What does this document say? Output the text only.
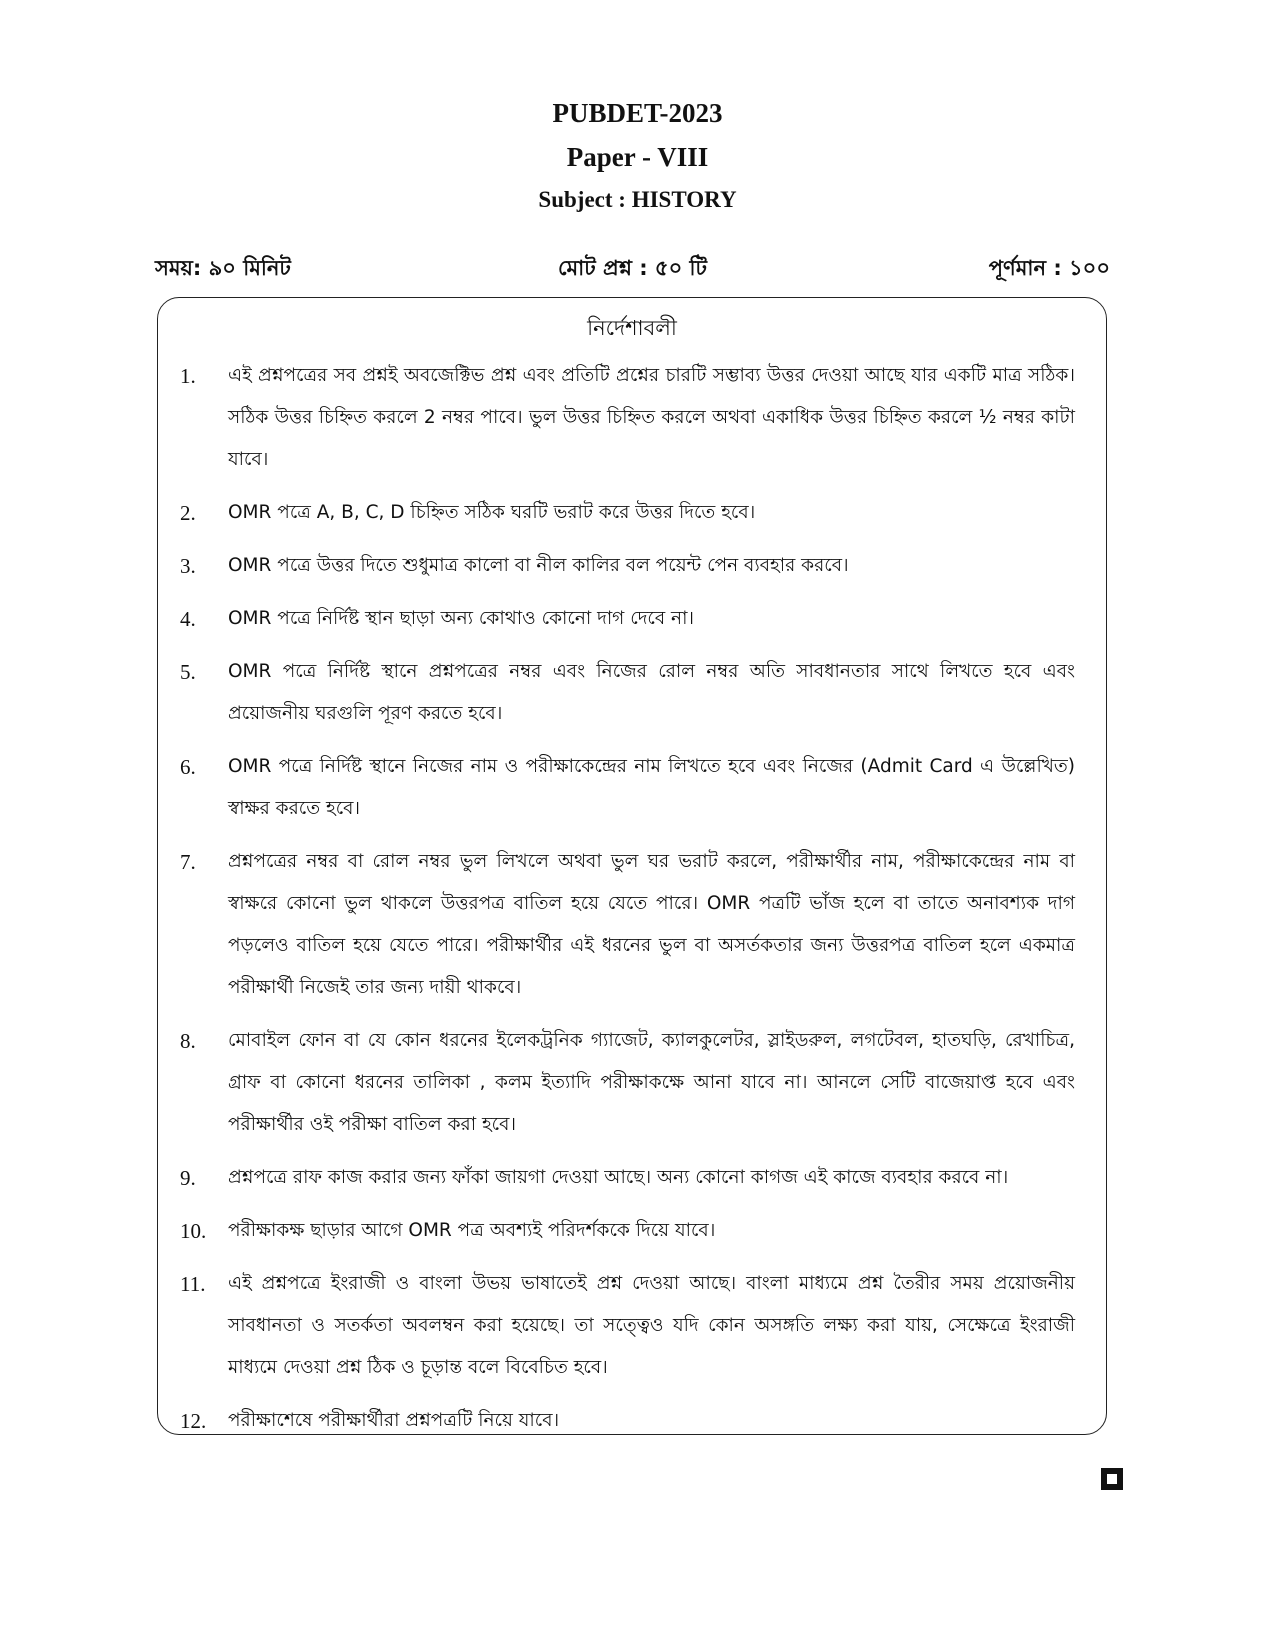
PUBDET-2023
Paper - VIII
Subject : HISTORY
সময়: ৯০ মিনিট	মোট প্রশ্ন : ৫০ টি	পূর্ণমান : ১০০
নির্দেশাবলী
1. এই প্রশ্নপত্রের সব প্রশ্নই অবজেক্টিভ প্রশ্ন এবং প্রতিটি প্রশ্নের চারটি সম্ভাব্য উত্তর দেওয়া আছে যার একটি মাত্র সঠিক। সঠিক উত্তর চিহ্নিত করলে 2 নম্বর পাবে। ভুল উত্তর চিহ্নিত করলে অথবা একাধিক উত্তর চিহ্নিত করলে ½ নম্বর কাটা যাবে।
2. OMR পত্রে A, B, C, D চিহ্নিত সঠিক ঘরটি ভরাট করে উত্তর দিতে হবে।
3. OMR পত্রে উত্তর দিতে শুধুমাত্র কালো বা নীল কালির বল পয়েন্ট পেন ব্যবহার করবে।
4. OMR পত্রে নির্দিষ্ট স্থান ছাড়া অন্য কোথাও কোনো দাগ দেবে না।
5. OMR পত্রে নির্দিষ্ট স্থানে প্রশ্নপত্রের নম্বর এবং নিজের রোল নম্বর অতি সাবধানতার সাথে লিখতে হবে এবং প্রয়োজনীয় ঘরগুলি পূরণ করতে হবে।
6. OMR পত্রে নির্দিষ্ট স্থানে নিজের নাম ও পরীক্ষাকেন্দ্রের নাম লিখতে হবে এবং নিজের (Admit Card এ উল্লেখিত) স্বাক্ষর করতে হবে।
7. প্রশ্নপত্রের নম্বর বা রোল নম্বর ভুল লিখলে অথবা ভুল ঘর ভরাট করলে, পরীক্ষার্থীর নাম, পরীক্ষাকেন্দ্রের নাম বা স্বাক্ষরে কোনো ভুল থাকলে উত্তরপত্র বাতিল হয়ে যেতে পারে। OMR পত্রটি ভাঁজ হলে বা তাতে অনাবশ্যক দাগ পড়লেও বাতিল হয়ে যেতে পারে। পরীক্ষার্থীর এই ধরনের ভুল বা অসর্তকতার জন্য উত্তরপত্র বাতিল হলে একমাত্র পরীক্ষার্থী নিজেই তার জন্য দায়ী থাকবে।
8. মোবাইল ফোন বা যে কোন ধরনের ইলেকট্রনিক গ্যাজেট, ক্যালকুলেটর, স্লাইডরুল, লগটেবল, হাতঘড়ি, রেখাচিত্র, গ্রাফ বা কোনো ধরনের তালিকা , কলম ইত্যাদি পরীক্ষাকক্ষে আনা যাবে না। আনলে সেটি বাজেয়াপ্ত হবে এবং পরীক্ষার্থীর ওই পরীক্ষা বাতিল করা হবে।
9. প্রশ্নপত্রে রাফ কাজ করার জন্য ফাঁকা জায়গা দেওয়া আছে। অন্য কোনো কাগজ এই কাজে ব্যবহার করবে না।
10. পরীক্ষাকক্ষ ছাড়ার আগে OMR পত্র অবশ্যই পরিদর্শককে দিয়ে যাবে।
11. এই প্রশ্নপত্রে ইংরাজী ও বাংলা উভয় ভাষাতেই প্রশ্ন দেওয়া আছে। বাংলা মাধ্যমে প্রশ্ন তৈরীর সময় প্রয়োজনীয় সাবধানতা ও সতর্কতা অবলম্বন করা হয়েছে। তা সত্ত্বেও যদি কোন অসঙ্গতি লক্ষ্য করা যায়, সেক্ষেত্রে ইংরাজী মাধ্যমে দেওয়া প্রশ্ন ঠিক ও চূড়ান্ত বলে বিবেচিত হবে।
12. পরীক্ষাশেষে পরীক্ষার্থীরা প্রশ্নপত্রটি নিয়ে যাবে।
